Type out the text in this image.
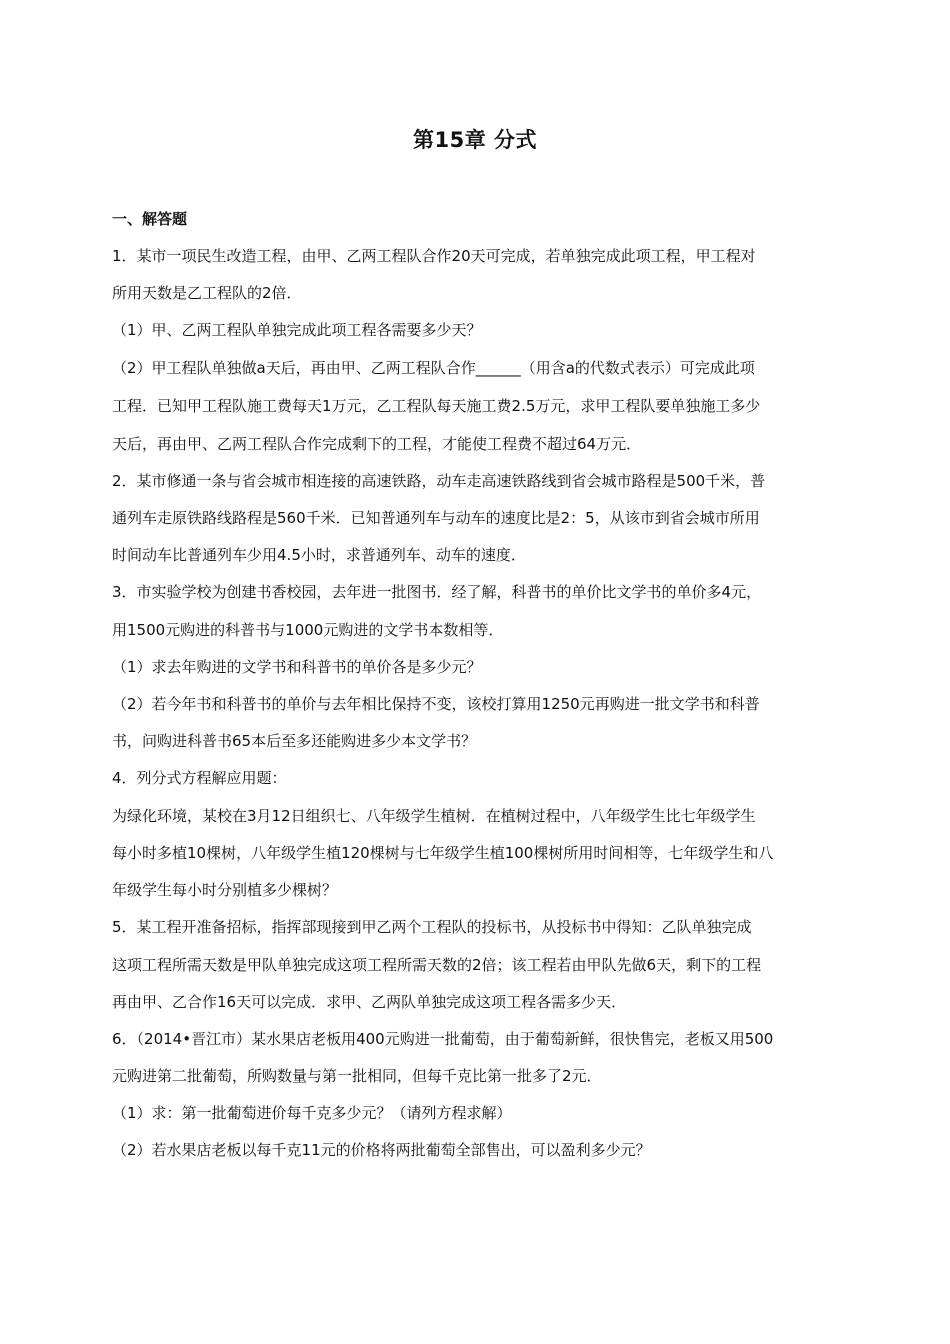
第15章 分式
一、解答题
1．某市一项民生改造工程，由甲、乙两工程队合作20天可完成，若单独完成此项工程，甲工程对
所用天数是乙工程队的2倍．
（1）甲、乙两工程队单独完成此项工程各需要多少天？
（2）甲工程队单独做a天后，再由甲、乙两工程队合作______（用含a的代数式表示）可完成此项
工程．已知甲工程队施工费每天1万元，乙工程队每天施工费2.5万元，求甲工程队要单独施工多少
天后，再由甲、乙两工程队合作完成剩下的工程，才能使工程费不超过64万元．
2．某市修通一条与省会城市相连接的高速铁路，动车走高速铁路线到省会城市路程是500千米，普
通列车走原铁路线路程是560千米．已知普通列车与动车的速度比是2：5，从该市到省会城市所用
时间动车比普通列车少用4.5小时，求普通列车、动车的速度．
3．市实验学校为创建书香校园，去年进一批图书．经了解，科普书的单价比文学书的单价多4元，
用1500元购进的科普书与1000元购进的文学书本数相等．
（1）求去年购进的文学书和科普书的单价各是多少元？
（2）若今年书和科普书的单价与去年相比保持不变，该校打算用1250元再购进一批文学书和科普
书，问购进科普书65本后至多还能购进多少本文学书？
4．列分式方程解应用题：
为绿化环境，某校在3月12日组织七、八年级学生植树．在植树过程中，八年级学生比七年级学生
每小时多植10棵树，八年级学生植120棵树与七年级学生植100棵树所用时间相等，七年级学生和八
年级学生每小时分别植多少棵树？
5．某工程开准备招标，指挥部现接到甲乙两个工程队的投标书，从投标书中得知：乙队单独完成
这项工程所需天数是甲队单独完成这项工程所需天数的2倍；该工程若由甲队先做6天，剩下的工程
再由甲、乙合作16天可以完成．求甲、乙两队单独完成这项工程各需多少天．
6．（2014•晋江市）某水果店老板用400元购进一批葡萄，由于葡萄新鲜，很快售完，老板又用500
元购进第二批葡萄，所购数量与第一批相同，但每千克比第一批多了2元．
（1）求：第一批葡萄进价每千克多少元？（请列方程求解）
（2）若水果店老板以每千克11元的价格将两批葡萄全部售出，可以盈利多少元？
